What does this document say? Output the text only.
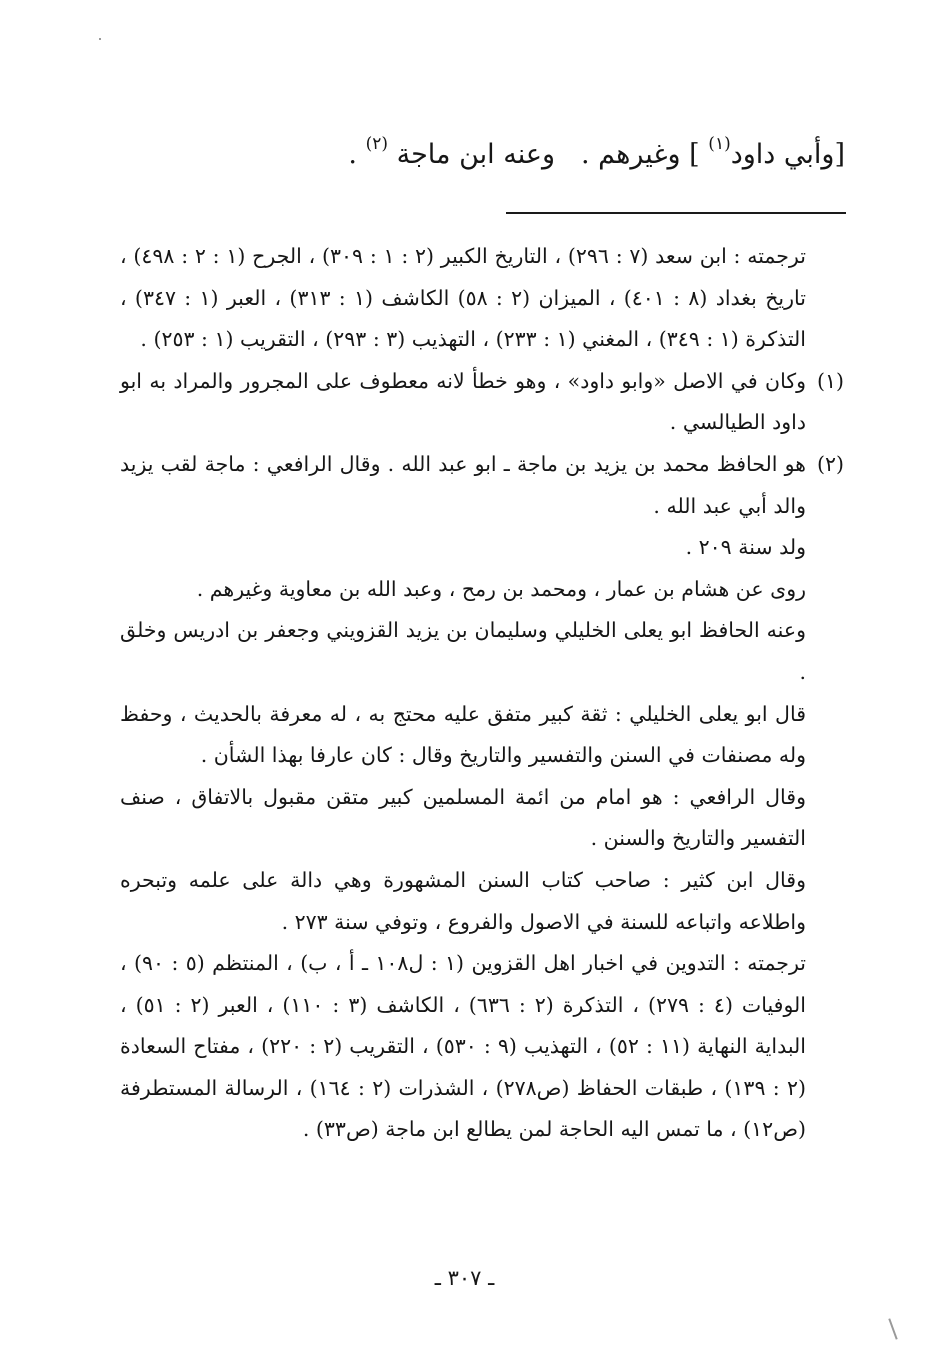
[وأبي داود$^{(١)}$ ] وغيرهم .وعنه ابن ماجة $^{(٢)}$ .

ترجمته : ابن سعد (٧ : ٢٩٦) ، التاريخ الكبير (٢ : ١ : ٣٠٩) ، الجرح (١ : ٢ : ٤٩٨) ، تاريخ بغداد (٨ : ٤٠١) ، الميزان (٢ : ٥٨) الكاشف (١ : ٣١٣) ، العبر (١ : ٣٤٧) ، التذكرة (١ : ٣٤٩) ، المغني (١ : ٢٣٣) ، التهذيب (٣ : ٢٩٣) ، التقريب (١ : ٢٥٣) .

(١)
وكان في الاصل «وابو داود» ، وهو خطأ لانه معطوف على المجرور والمراد به ابو داود الطيالسي .
(٢)
هو الحافظ محمد بن يزيد بن ماجة ـ ابو عبد الله . وقال الرافعي : ماجة لقب يزيد والد أبي عبد الله .

ولد سنة ٢٠٩ .

روى عن هشام بن عمار ، ومحمد بن رمح ، وعبد الله بن معاوية وغيرهم .

وعنه الحافظ ابو يعلى الخليلي وسليمان بن يزيد القزويني وجعفر بن ادريس وخلق .

قال ابو يعلى الخليلي : ثقة كبير متفق عليه محتج به ، له معرفة بالحديث ، وحفظ وله مصنفات في السنن والتفسير والتاريخ وقال : كان عارفا بهذا الشأن .

وقال الرافعي : هو امام من ائمة المسلمين كبير متقن مقبول بالاتفاق ، صنف التفسير والتاريخ والسنن .

وقال ابن كثير : صاحب كتاب السنن المشهورة وهي دالة على علمه وتبحره واطلاعه واتباعه للسنة في الاصول والفروع ، وتوفي سنة ٢٧٣ .

ترجمته : التدوين في اخبار اهل القزوين (١ : ل١٠٨ ـ أ ، ب) ، المنتظم (٥ : ٩٠) ، الوفيات (٤ : ٢٧٩) ، التذكرة (٢ : ٦٣٦) ، الكاشف (٣ : ١١٠) ، العبر (٢ : ٥١) ، البداية النهاية (١١ : ٥٢) ، التهذيب (٩ : ٥٣٠) ، التقريب (٢ : ٢٢٠) ، مفتاح السعادة (٢ : ١٣٩) ، طبقات الحفاظ (ص٢٧٨) ، الشذرات (٢ : ١٦٤) ، الرسالة المستطرفة (ص١٢) ، ما تمس اليه الحاجة لمن يطالع ابن ماجة (ص٣٣) .

ـ ٣٠٧ ـ
